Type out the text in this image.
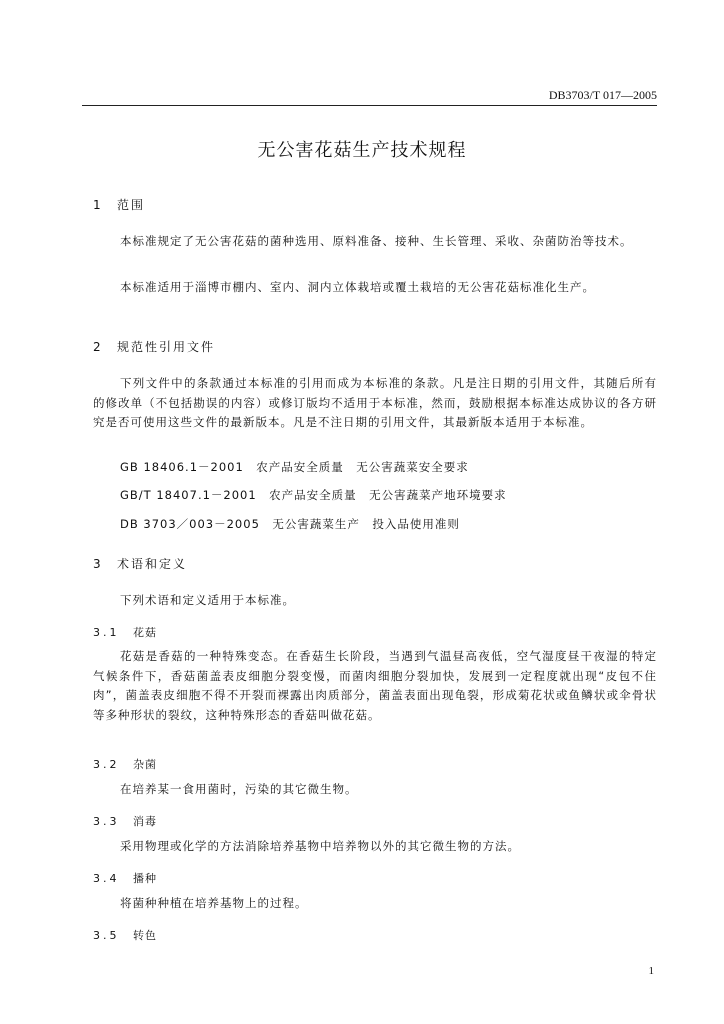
DB3703/T 017—2005
无公害花菇生产技术规程
1 范围
本标准规定了无公害花菇的菌种选用、原料准备、接种、生长管理、采收、杂菌防治等技术。
本标准适用于淄博市棚内、室内、洞内立体栽培或覆土栽培的无公害花菇标准化生产。
2 规范性引用文件
下列文件中的条款通过本标准的引用而成为本标准的条款。凡是注日期的引用文件，其随后所有的修改单（不包括勘误的内容）或修订版均不适用于本标准，然而，鼓励根据本标准达成协议的各方研究是否可使用这些文件的最新版本。凡是不注日期的引用文件，其最新版本适用于本标准。
GB 18406.1－2001　农产品安全质量　无公害蔬菜安全要求
GB/T 18407.1－2001　农产品安全质量　无公害蔬菜产地环境要求
DB 3703／003－2005　无公害蔬菜生产　投入品使用准则
3 术语和定义
下列术语和定义适用于本标准。
3.1 花菇
花菇是香菇的一种特殊变态。在香菇生长阶段，当遇到气温昼高夜低，空气湿度昼干夜湿的特定气候条件下，香菇菌盖表皮细胞分裂变慢，而菌肉细胞分裂加快，发展到一定程度就出现“皮包不住肉”，菌盖表皮细胞不得不开裂而裸露出肉质部分，菌盖表面出现龟裂，形成菊花状或鱼鳞状或伞骨状等多种形状的裂纹，这种特殊形态的香菇叫做花菇。
3.2 杂菌
在培养某一食用菌时，污染的其它微生物。
3.3 消毒
采用物理或化学的方法消除培养基物中培养物以外的其它微生物的方法。
3.4 播种
将菌种种植在培养基物上的过程。
3.5 转色
1
